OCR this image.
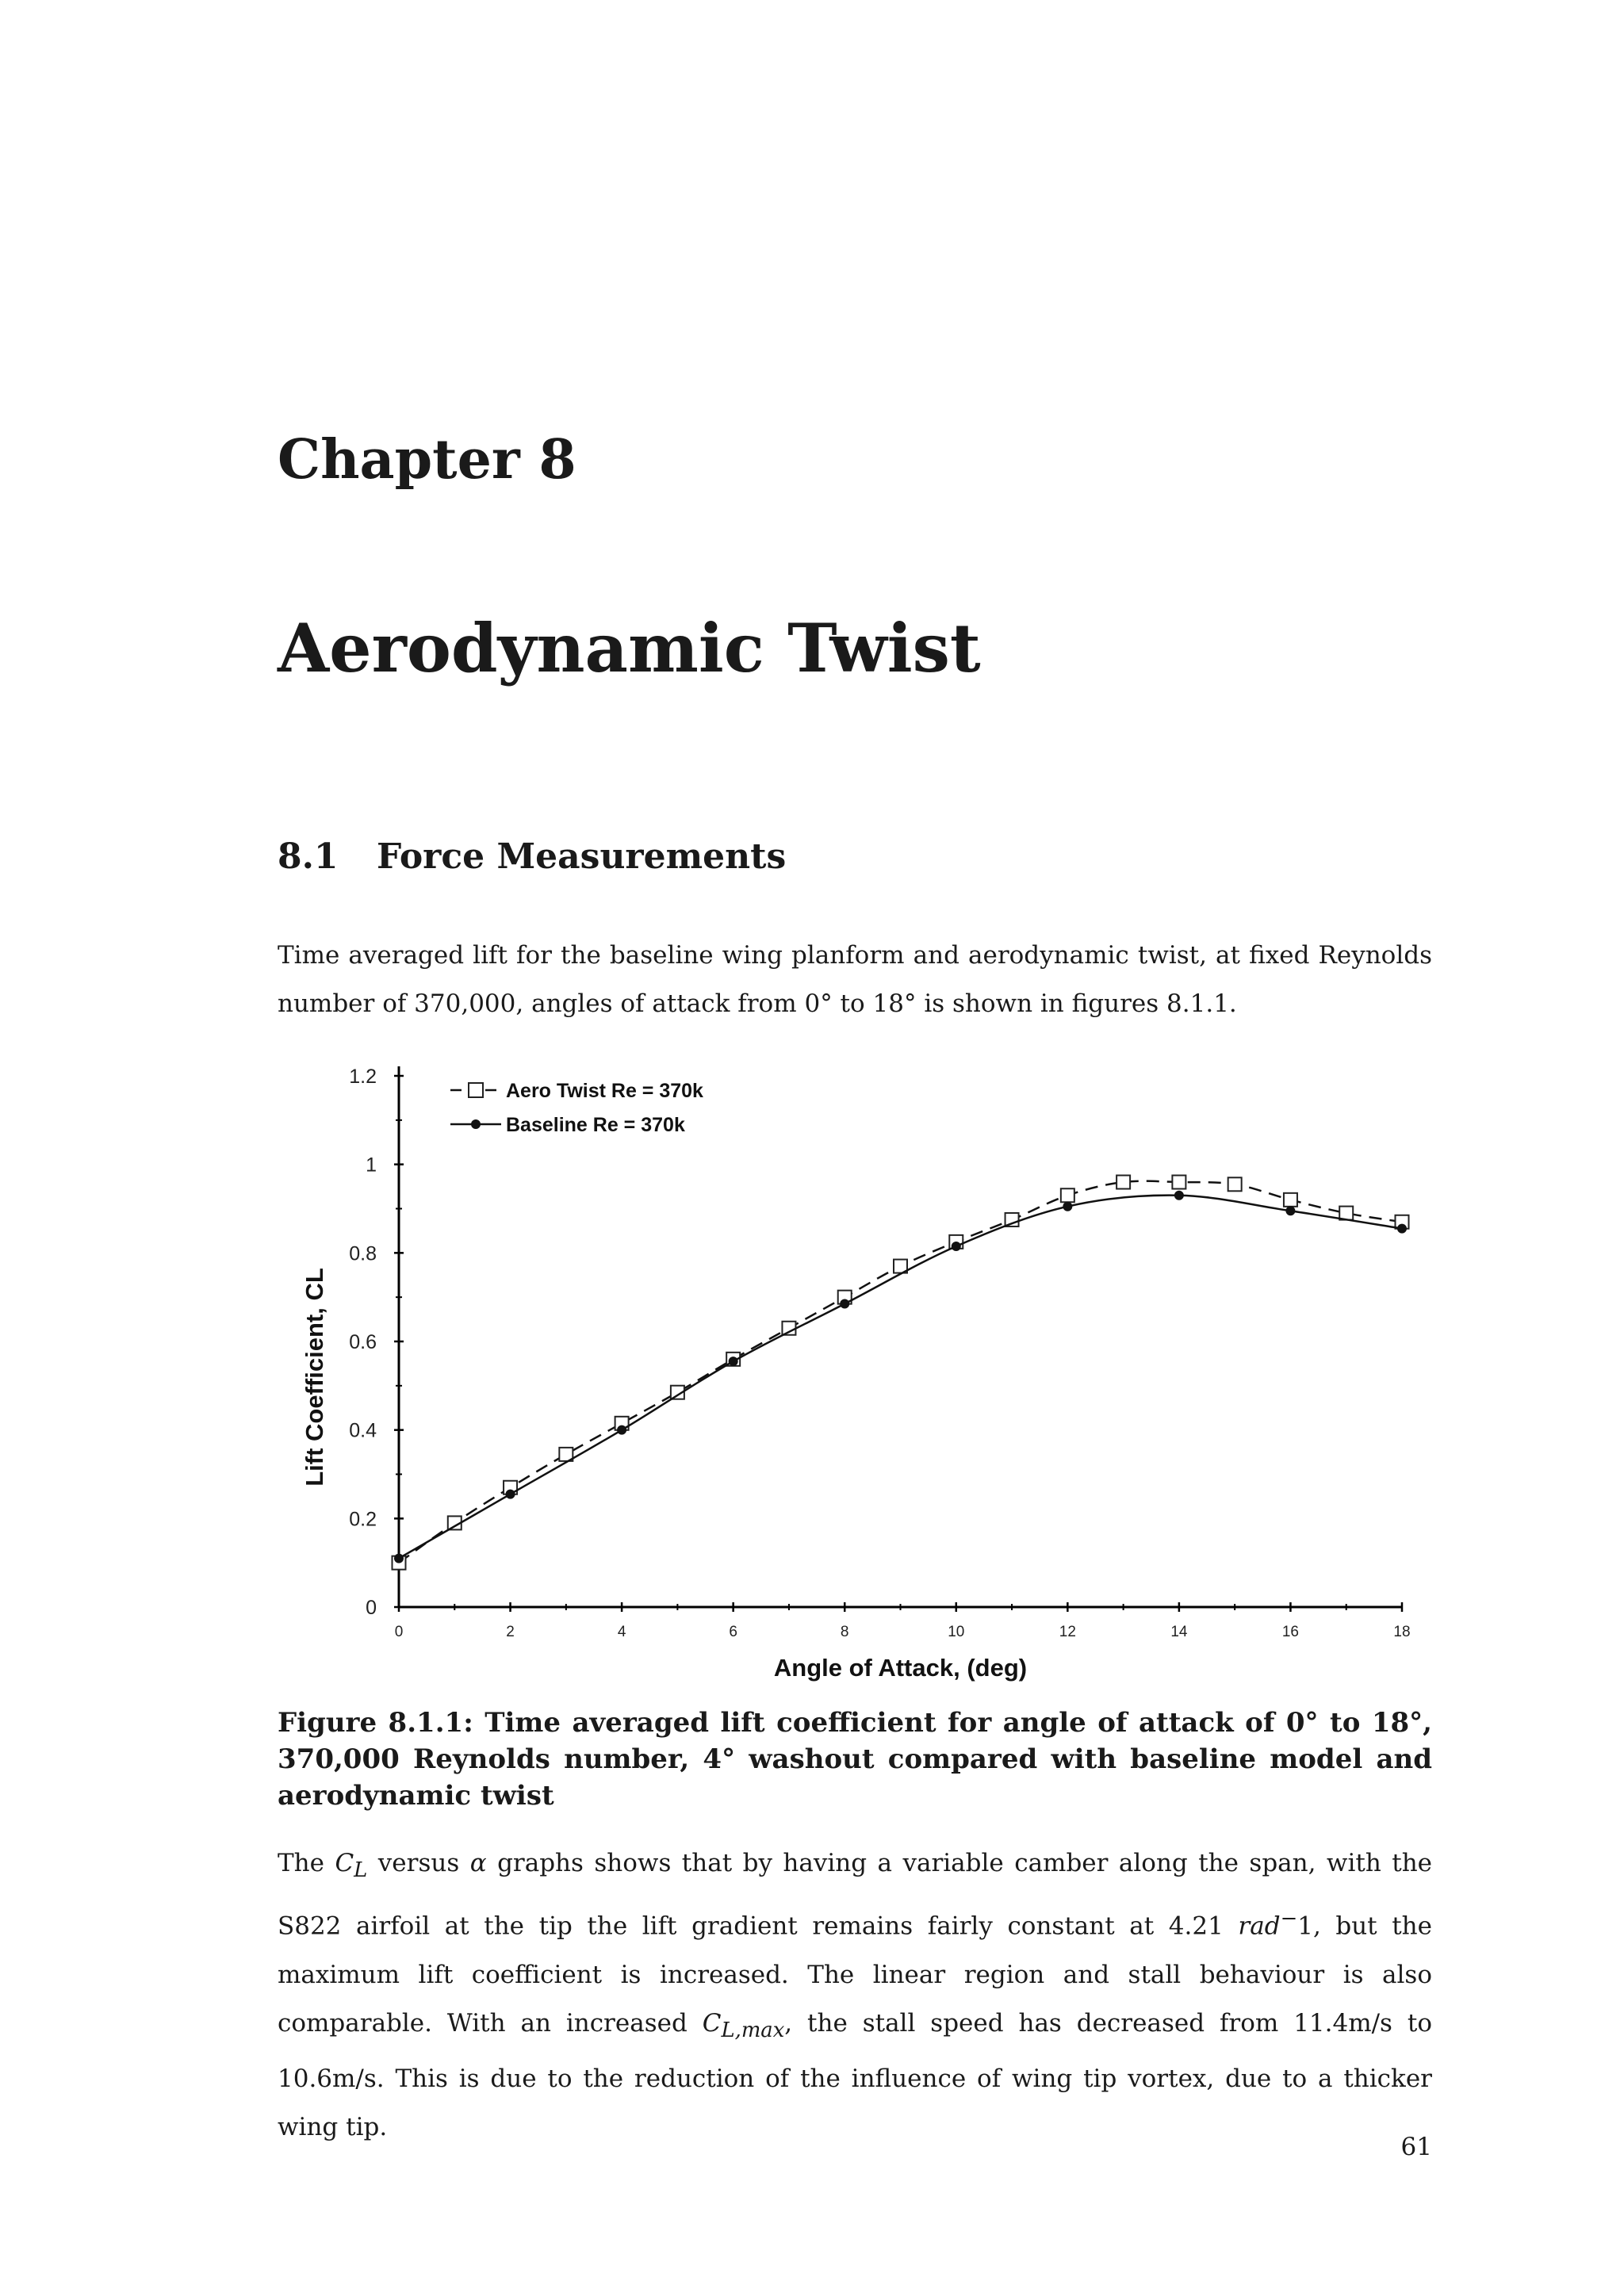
Chapter 8
Aerodynamic Twist
8.1 Force Measurements

Time averaged lift for the baseline wing planform and aerodynamic twist, at fixed Reynolds number of 370,000, angles of attack from 0° to 18° is shown in figures 8.1.1.

0
0.2
0.4
0.6
0.8
1
1.2
0	2	4	6	8	10	12	14	16	18
Angle of Attack, (deg)
Lift Coefficient, CL
Aero Twist Re = 370k
Baseline Re = 370k

Figure 8.1.1: Time averaged lift coefficient for angle of attack of 0° to 18°, 370,000 Reynolds number, 4° washout compared with baseline model and aerodynamic twist

The $C_L$ versus α graphs shows that by having a variable camber along the span, with the S822 airfoil at the tip the lift gradient remains fairly constant at 4.21 rad−1, but the maximum lift coefficient is increased. The linear region and stall behaviour is also comparable. With an increased $C_{L,max}$, the stall speed has decreased from 11.4m/s to 10.6m/s. This is due to the reduction of the influence of wing tip vortex, due to a thicker wing tip.

61
